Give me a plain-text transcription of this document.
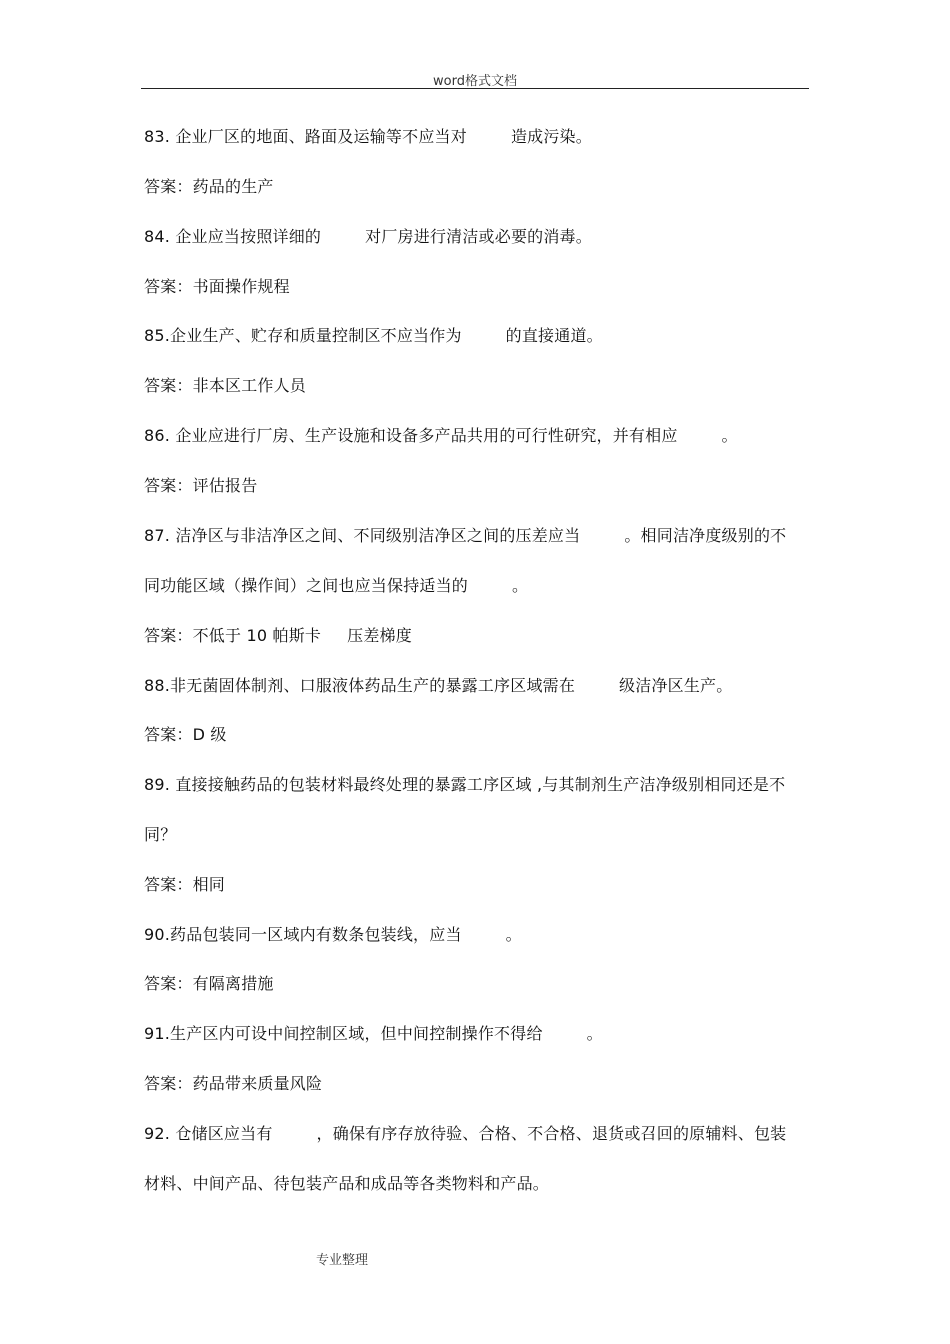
word格式文档
83. 企业厂区的地面、路面及运输等不应当对	造成污染。
答案：药品的生产
84. 企业应当按照详细的	对厂房进行清洁或必要的消毒。
答案：书面操作规程
85.企业生产、贮存和质量控制区不应当作为	的直接通道。
答案：非本区工作人员
86. 企业应进行厂房、生产设施和设备多产品共用的可行性研究，并有相应	。
答案：评估报告
87. 洁净区与非洁净区之间、不同级别洁净区之间的压差应当	。相同洁净度级别的不
同功能区域（操作间）之间也应当保持适当的	。
答案：不低于 10 帕斯卡 压差梯度
88.非无菌固体制剂、口服液体药品生产的暴露工序区域需在	级洁净区生产。
答案：D 级
89. 直接接触药品的包装材料最终处理的暴露工序区域 ,与其制剂生产洁净级别相同还是不
同？
答案：相同
90.药品包装同一区域内有数条包装线，应当	。
答案：有隔离措施
91.生产区内可设中间控制区域，但中间控制操作不得给	。
答案：药品带来质量风险
92. 仓储区应当有	，确保有序存放待验、合格、不合格、退货或召回的原辅料、包装
材料、中间产品、待包装产品和成品等各类物料和产品。
专业整理
